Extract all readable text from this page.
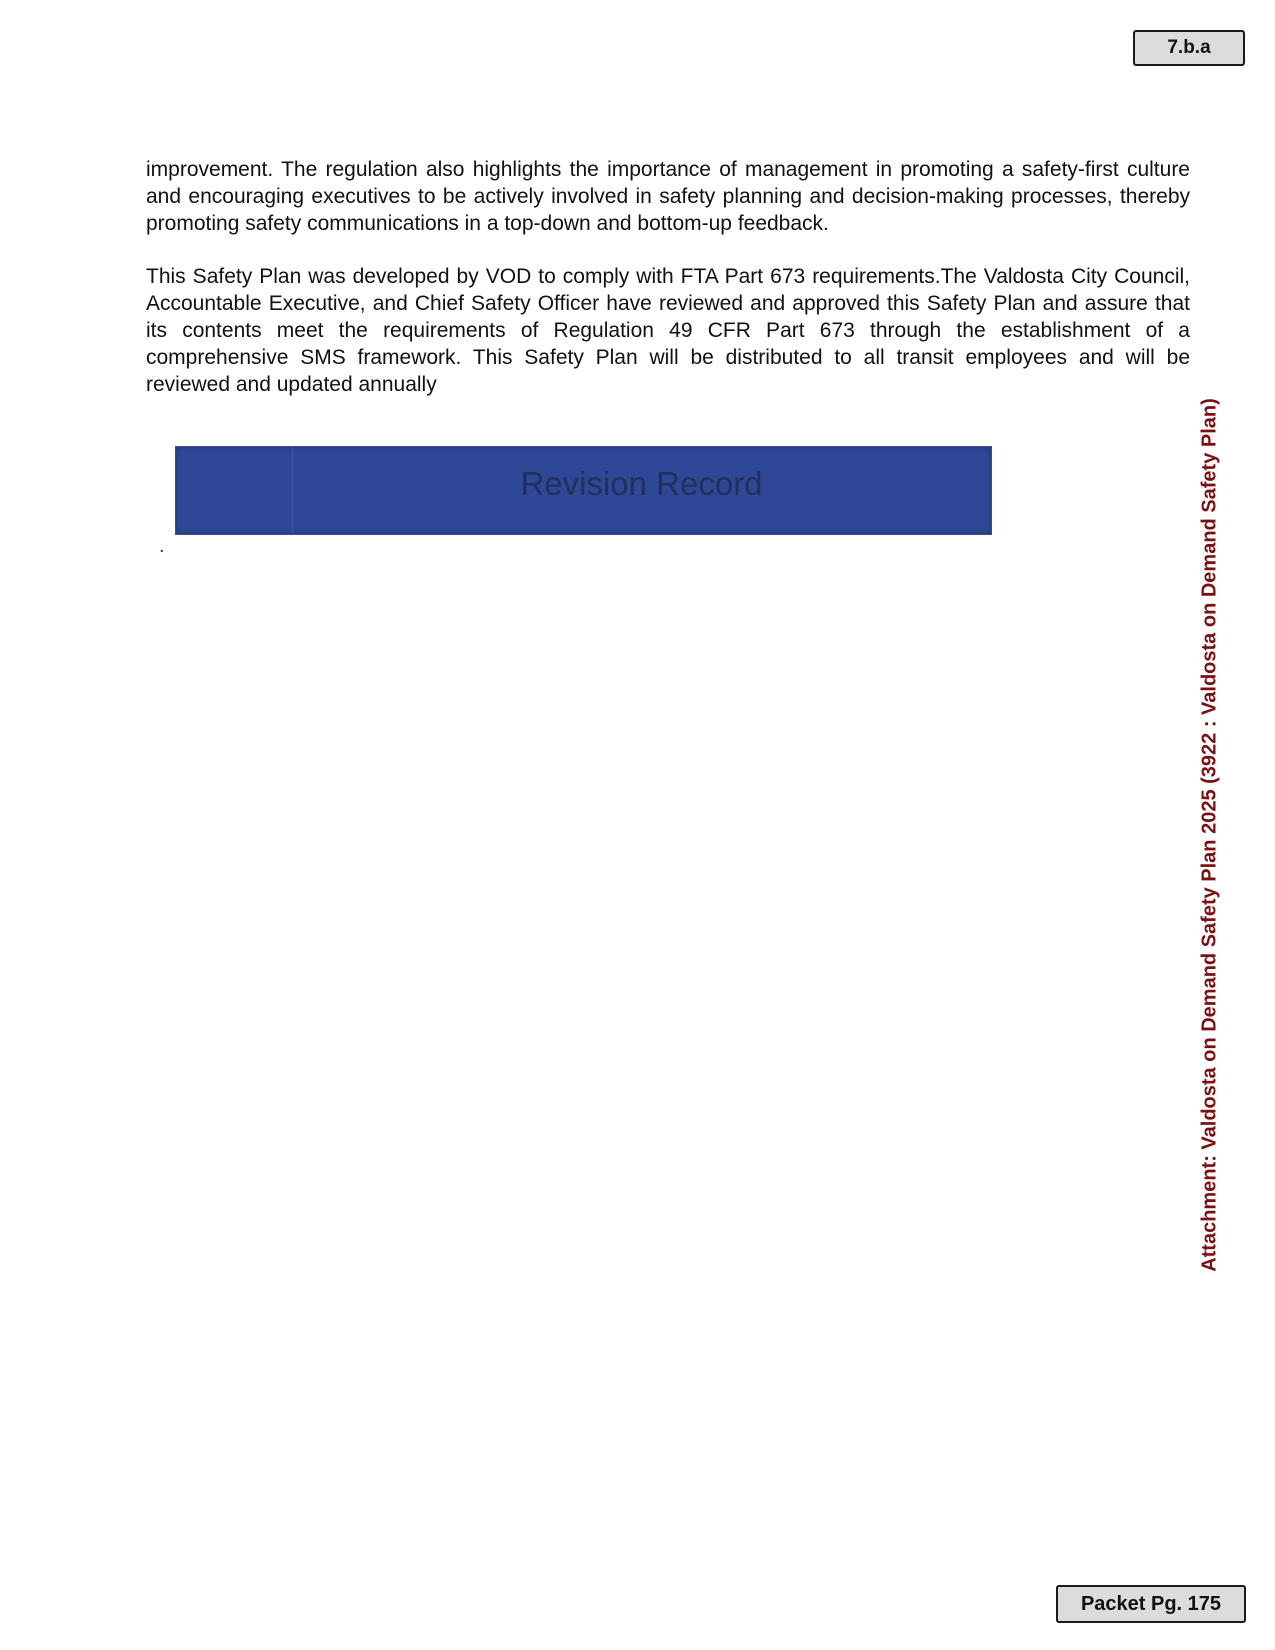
7.b.a

improvement. The regulation also highlights the importance of management in promoting a safety-first culture and encouraging executives to be actively involved in safety planning and decision-making processes, thereby promoting safety communications in a top-down and bottom-up feedback.

This Safety Plan was developed by VOD to comply with FTA Part 673 requirements.The Valdosta City Council, Accountable Executive, and Chief Safety Officer have reviewed and approved this Safety Plan and assure that its contents meet the requirements of Regulation 49 CFR Part 673 through the establishment of a comprehensive SMS framework. This Safety Plan will be distributed to all transit employees and will be reviewed and updated annually

Revision Record
.	Attachment: Valdosta on Demand Safety Plan 2025 (3922 : Valdosta on Demand Safety Plan)
Packet Pg. 175
